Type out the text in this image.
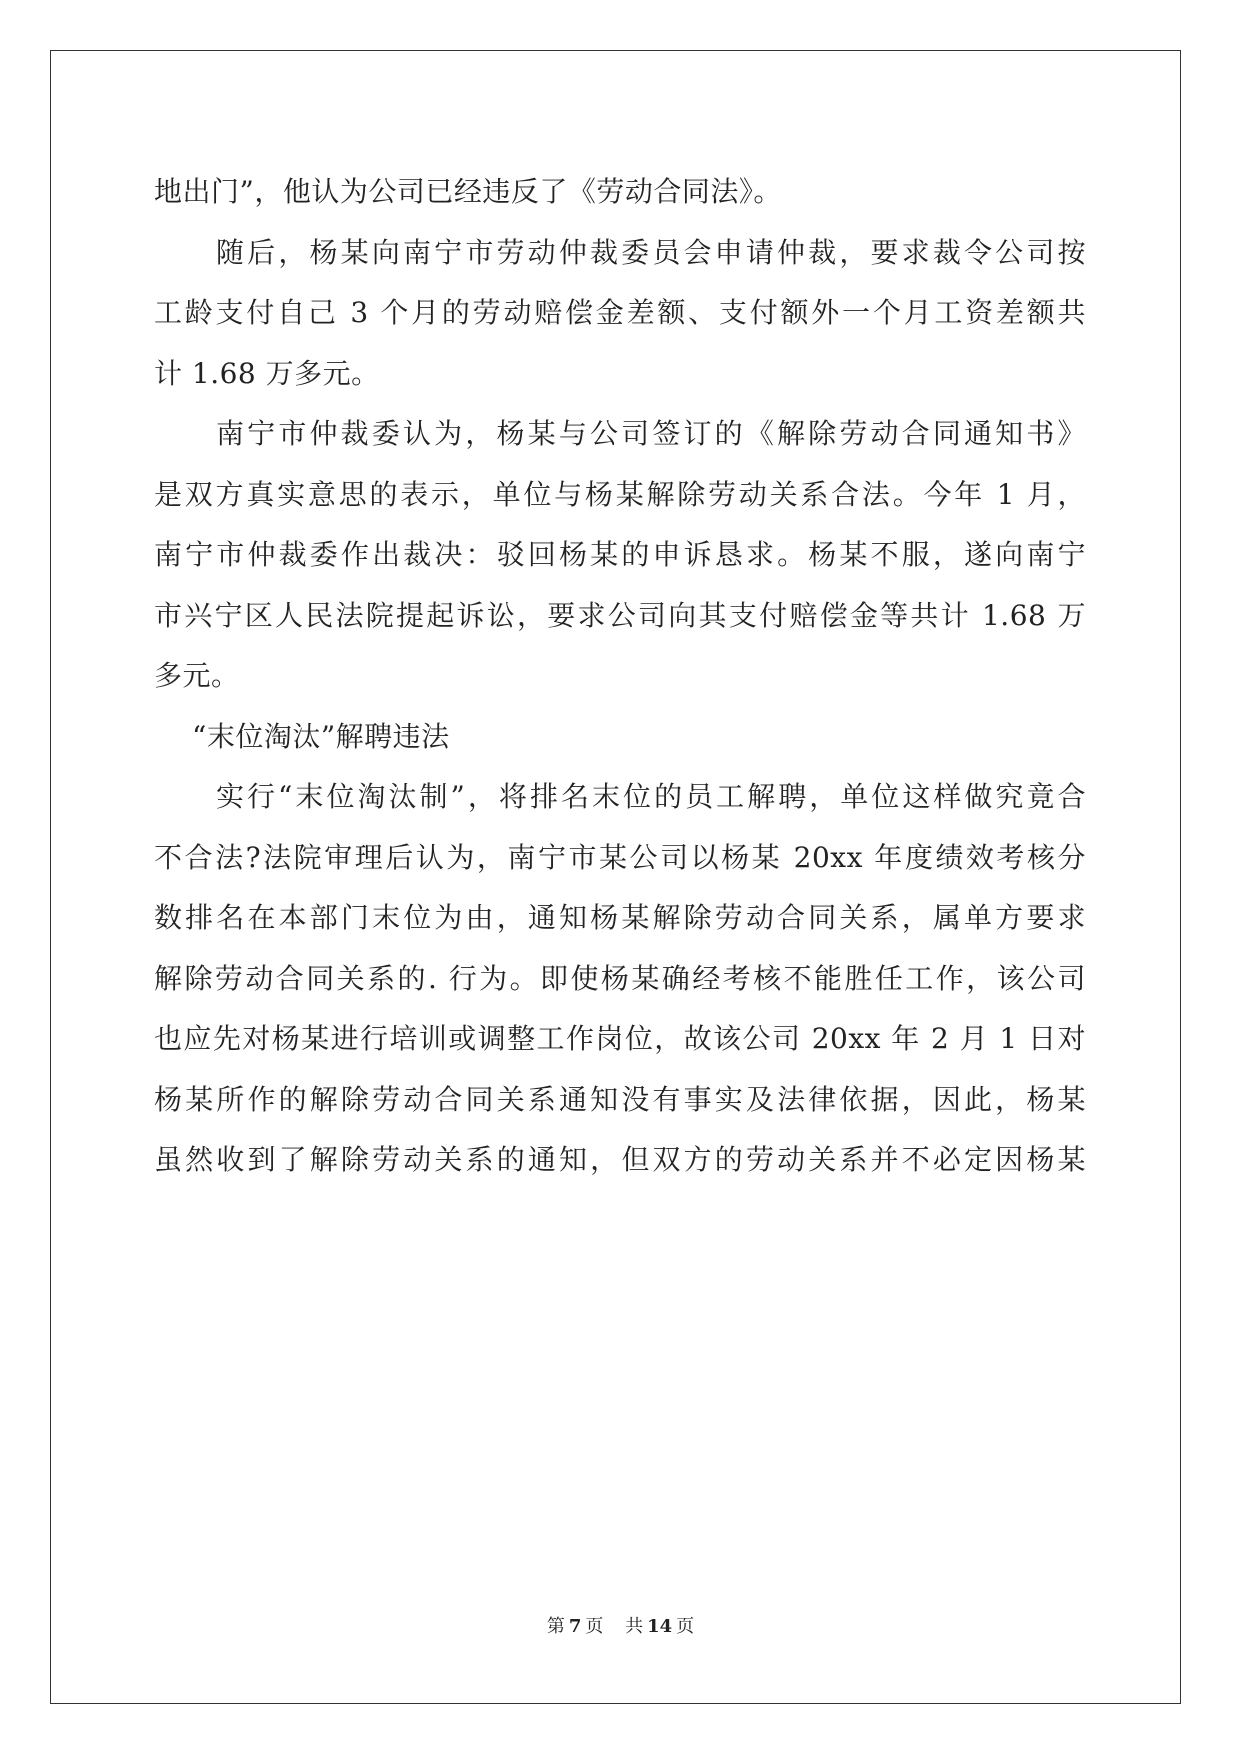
地出门”，他认为公司已经违反了《劳动合同法》。
随后，杨某向南宁市劳动仲裁委员会申请仲裁，要求裁令公司按
工龄支付自己 3 个月的劳动赔偿金差额、支付额外一个月工资差额共
计 1.68 万多元。
南宁市仲裁委认为，杨某与公司签订的《解除劳动合同通知书》
是双方真实意思的表示，单位与杨某解除劳动关系合法。今年 1 月，
南宁市仲裁委作出裁决：驳回杨某的申诉恳求。杨某不服，遂向南宁
市兴宁区人民法院提起诉讼，要求公司向其支付赔偿金等共计 1.68 万
多元。
“末位淘汰”解聘违法
实行“末位淘汰制”，将排名末位的员工解聘，单位这样做究竟合
不合法?法院审理后认为，南宁市某公司以杨某 20xx 年度绩效考核分
数排名在本部门末位为由，通知杨某解除劳动合同关系，属单方要求
解除劳动合同关系的. 行为。即使杨某确经考核不能胜任工作，该公司
也应先对杨某进行培训或调整工作岗位，故该公司 20xx 年 2 月 1 日对
杨某所作的解除劳动合同关系通知没有事实及法律依据，因此，杨某
虽然收到了解除劳动关系的通知，但双方的劳动关系并不必定因杨某
第 7 页 共 14 页
